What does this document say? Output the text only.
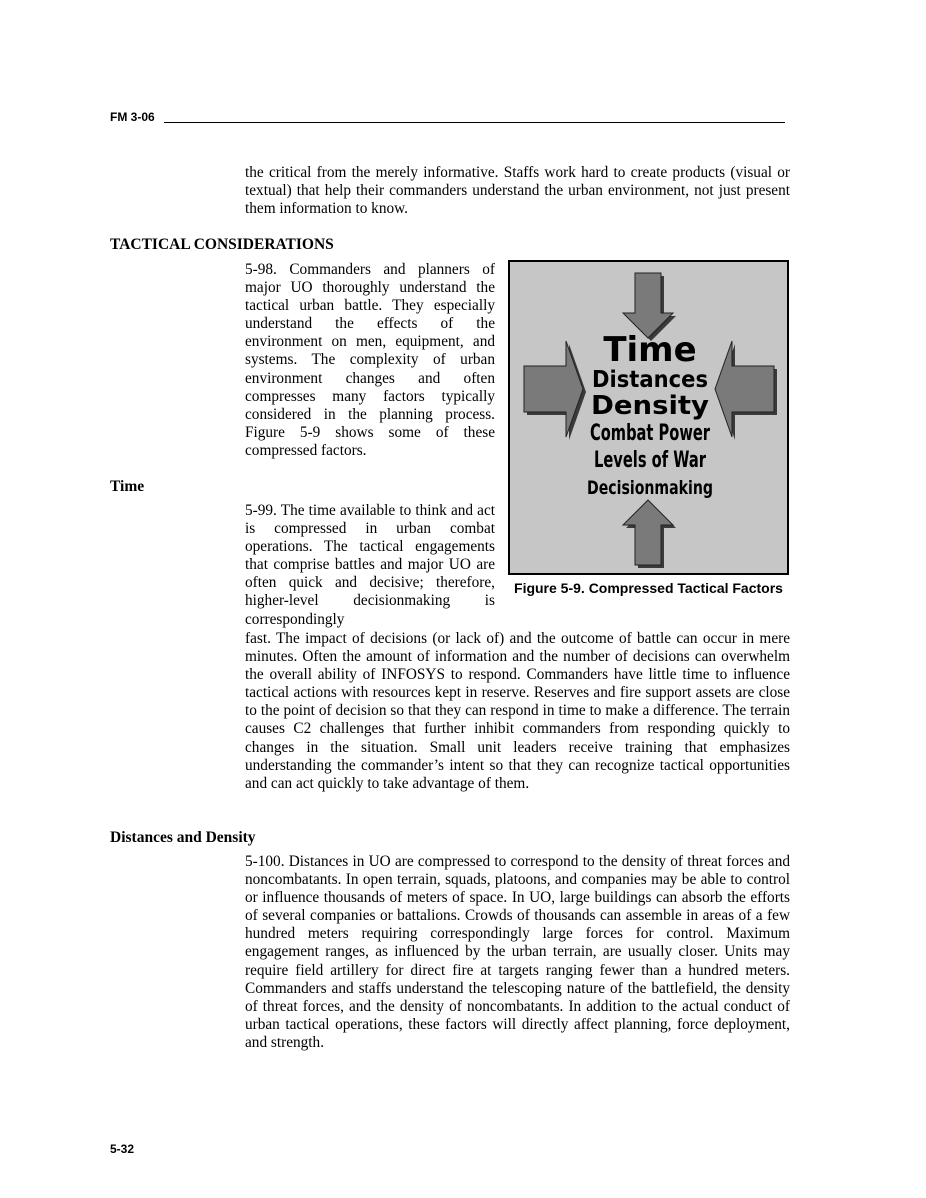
FM 3-06

the critical from the merely informative. Staffs work hard to create products (visual or textual) that help their commanders understand the urban environment, not just present them information to know.

TACTICAL CONSIDERATIONS

5-98. Commanders and planners of major UO thoroughly understand the tactical urban battle. They especially understand the effects of the environment on men, equipment, and systems. The complexity of urban environment changes and often compresses many factors typically considered in the planning process. Figure 5-9 shows some of these compressed factors.

Time

5-99. The time available to think and act is compressed in urban combat operations. The tactical engagements that comprise battles and major UO are often quick and decisive; therefore, higher-level decisionmaking is correspondingly

fast. The impact of decisions (or lack of) and the outcome of battle can occur in mere minutes. Often the amount of information and the number of decisions can overwhelm the overall ability of INFOSYS to respond. Commanders have little time to influence tactical actions with resources kept in reserve. Reserves and fire support assets are close to the point of decision so that they can respond in time to make a difference. The terrain causes C2 challenges that further inhibit commanders from responding quickly to changes in the situation. Small unit leaders receive training that emphasizes understanding the commander’s intent so that they can recognize tactical opportunities and can act quickly to take advantage of them.

Distances and Density

5-100. Distances in UO are compressed to correspond to the density of threat forces and noncombatants. In open terrain, squads, platoons, and companies may be able to control or influence thousands of meters of space. In UO, large buildings can absorb the efforts of several companies or battalions. Crowds of thousands can assemble in areas of a few hundred meters requiring correspondingly large forces for control. Maximum engagement ranges, as influenced by the urban terrain, are usually closer. Units may require field artillery for direct fire at targets ranging fewer than a hundred meters. Commanders and staffs understand the telescoping nature of the battlefield, the density of threat forces, and the density of noncombatants. In addition to the actual conduct of urban tactical operations, these factors will directly affect planning, force deployment, and strength.

Time
Distances
Density
Combat Power
Levels of War
Decisionmaking
Figure 5-9. Compressed Tactical Factors
5-32
